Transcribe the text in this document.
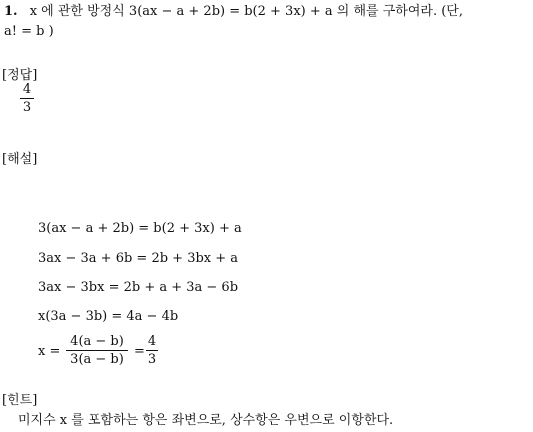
1. x 에 관한 방정식 3(ax − a + 2b) = b(2 + 3x) + a 의 해를 구하여라. (단,
a! = b )
[정답]
4
3
[해설]
3(ax − a + 2b) = b(2 + 3x) + a
3ax − 3a + 6b = 2b + 3bx + a
3ax − 3bx = 2b + a + 3a − 6b
x(3a − 3b) = 4a − 4b
x =
4(a − b)
3(a − b)
=
4
3
[힌트]
미지수 x 를 포함하는 항은 좌변으로, 상수항은 우변으로 이항한다.
